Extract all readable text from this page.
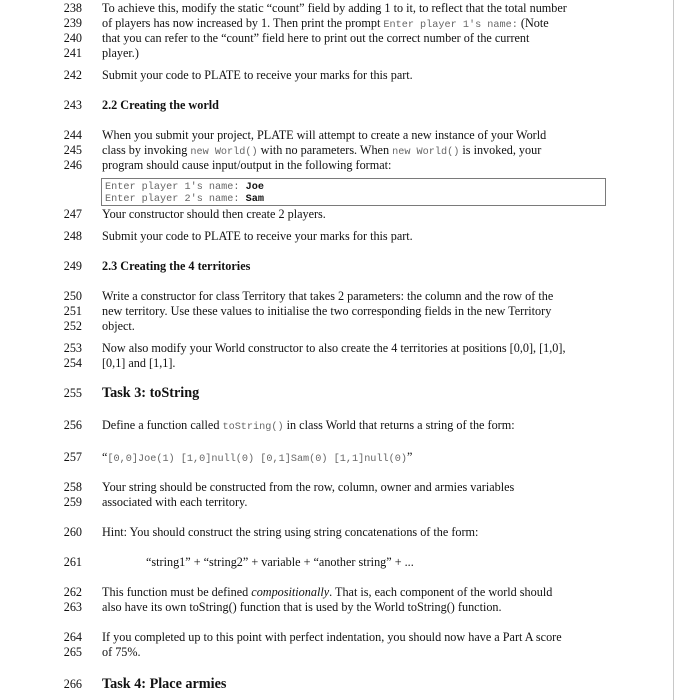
238 To achieve this, modify the static “count” field by adding 1 to it, to reflect that the total number
239 of players has now increased by 1. Then print the prompt Enter player 1's name: (Note
240 that you can refer to the “count” field here to print out the correct number of the current
241 player.)
242 Submit your code to PLATE to receive your marks for this part.
243 2.2 Creating the world
244 When you submit your project, PLATE will attempt to create a new instance of your World
245 class by invoking new World() with no parameters. When new World() is invoked, your
246 program should cause input/output in the following format:
247 Your constructor should then create 2 players.
248 Submit your code to PLATE to receive your marks for this part.
249 2.3 Creating the 4 territories
250 Write a constructor for class Territory that takes 2 parameters: the column and the row of the
251 new territory. Use these values to initialise the two corresponding fields in the new Territory
252 object.
253 Now also modify your World constructor to also create the 4 territories at positions [0,0], [1,0],
254 [0,1] and [1,1].
255 Task 3: toString
256 Define a function called toString() in class World that returns a string of the form:
257 “[0,0]Joe(1) [1,0]null(0) [0,1]Sam(0) [1,1]null(0)”
258 Your string should be constructed from the row, column, owner and armies variables
259 associated with each territory.
260 Hint: You should construct the string using string concatenations of the form:
261	“string1” + “string2” + variable + “another string” + ...
262 This function must be defined compositionally. That is, each component of the world should
263 also have its own toString() function that is used by the World toString() function.
264 If you completed up to this point with perfect indentation, you should now have a Part A score
265 of 75%.
266 Task 4: Place armies
Enter player 1's name: Joe
Enter player 2's name: Sam
